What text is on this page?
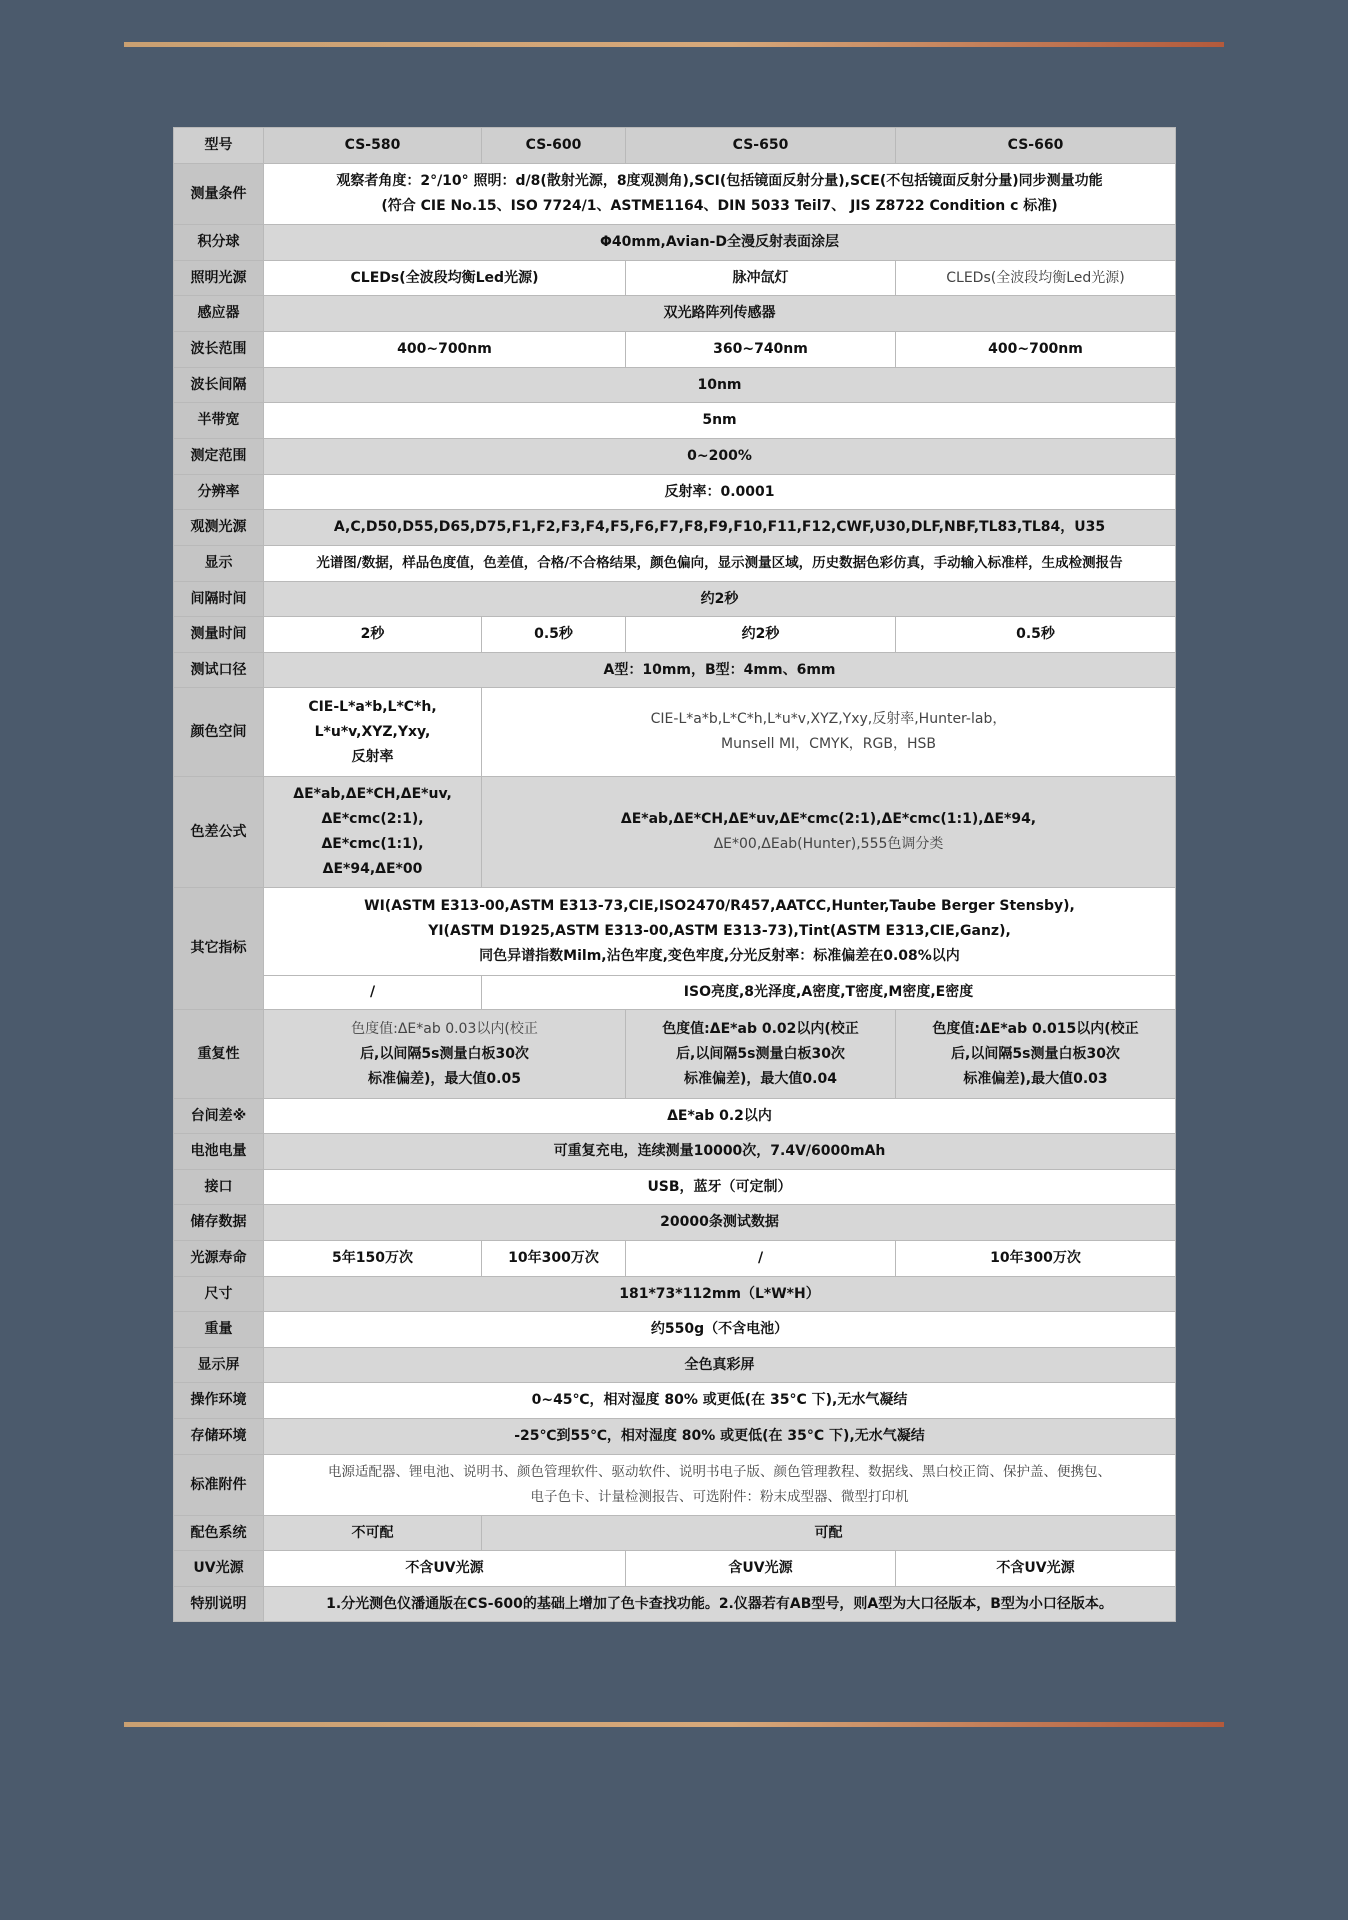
型号	CS-580	CS-600	CS-650	CS-660
测量条件	观察者角度：2°/10° 照明：d/8(散射光源，8度观测角),SCI(包括镜面反射分量),SCE(不包括镜面反射分量)同步测量功能
(符合 CIE No.15、ISO 7724/1、ASTME1164、DIN 5033 Teil7、 JIS Z8722 Condition c 标准)			

积分球	Φ40mm,Avian-D全漫反射表面涂层			
照明光源	CLEDs(全波段均衡Led光源)		脉冲氙灯	CLEDs(全波段均衡Led光源)
感应器	双光路阵列传感器			
波长范围	400~700nm		360~740nm	400~700nm
波长间隔	10nm			
半带宽	5nm			
测定范围	0~200%			
分辨率	反射率：0.0001			
观测光源	A,C,D50,D55,D65,D75,F1,F2,F3,F4,F5,F6,F7,F8,F9,F10,F11,F12,CWF,U30,DLF,NBF,TL83,TL84，U35			
显示	光谱图/数据，样品色度值，色差值，合格/不合格结果，颜色偏向，显示测量区域，历史数据色彩仿真，手动输入标准样，生成检测报告			
间隔时间	约2秒			
测量时间	2秒	0.5秒	约2秒	0.5秒
测试口径	A型：10mm，B型：4mm、6mm			
颜色空间	CIE-L*a*b,L*C*h,
L*u*v,XYZ,Yxy,
反射率	CIE-L*a*b,L*C*h,L*u*v,XYZ,Yxy,反射率,Hunter-lab，
Munsell MI，CMYK，RGB，HSB		

色差公式	ΔE*ab,ΔE*CH,ΔE*uv,
ΔE*cmc(2:1),
ΔE*cmc(1:1),
ΔE*94,ΔE*00	ΔE*ab,ΔE*CH,ΔE*uv,ΔE*cmc(2:1),ΔE*cmc(1:1),ΔE*94,
ΔE*00,ΔEab(Hunter),555色调分类		

其它指标	WI(ASTM E313-00,ASTM E313-73,CIE,ISO2470/R457,AATCC,Hunter,Taube Berger Stensby),
YI(ASTM D1925,ASTM E313-00,ASTM E313-73),Tint(ASTM E313,CIE,Ganz),
同色异谱指数Milm,沾色牢度,变色牢度,分光反射率：标准偏差在0.08%以内			

	/	ISO亮度,8光泽度,A密度,T密度,M密度,E密度		
重复性	色度值:ΔE*ab 0.03以内(校正
后,以间隔5s测量白板30次
标准偏差)，最大值0.05		色度值:ΔE*ab 0.02以内(校正
后,以间隔5s测量白板30次
标准偏差)，最大值0.04	色度值:ΔE*ab 0.015以内(校正
后,以间隔5s测量白板30次
标准偏差),最大值0.03

台间差※	ΔE*ab 0.2以内			
电池电量	可重复充电，连续测量10000次，7.4V/6000mAh			
接口	USB，蓝牙（可定制）			
储存数据	20000条测试数据			
光源寿命	5年150万次	10年300万次	/	10年300万次
尺寸	181*73*112mm（L*W*H）			
重量	约550g（不含电池）			
显示屏	全色真彩屏			
操作环境	0~45℃，相对湿度 80% 或更低(在 35°C 下),无水气凝结			
存储环境	-25℃到55℃，相对湿度 80% 或更低(在 35°C 下),无水气凝结			
标准附件	电源适配器、锂电池、说明书、颜色管理软件、驱动软件、说明书电子版、颜色管理教程、数据线、黑白校正筒、保护盖、便携包、
电子色卡、计量检测报告、可选附件：粉末成型器、微型打印机			

配色系统	不可配	可配		
UV光源	不含UV光源		含UV光源	不含UV光源
特别说明	1.分光测色仪潘通版在CS-600的基础上增加了色卡查找功能。2.仪器若有AB型号，则A型为大口径版本，B型为小口径版本。			
